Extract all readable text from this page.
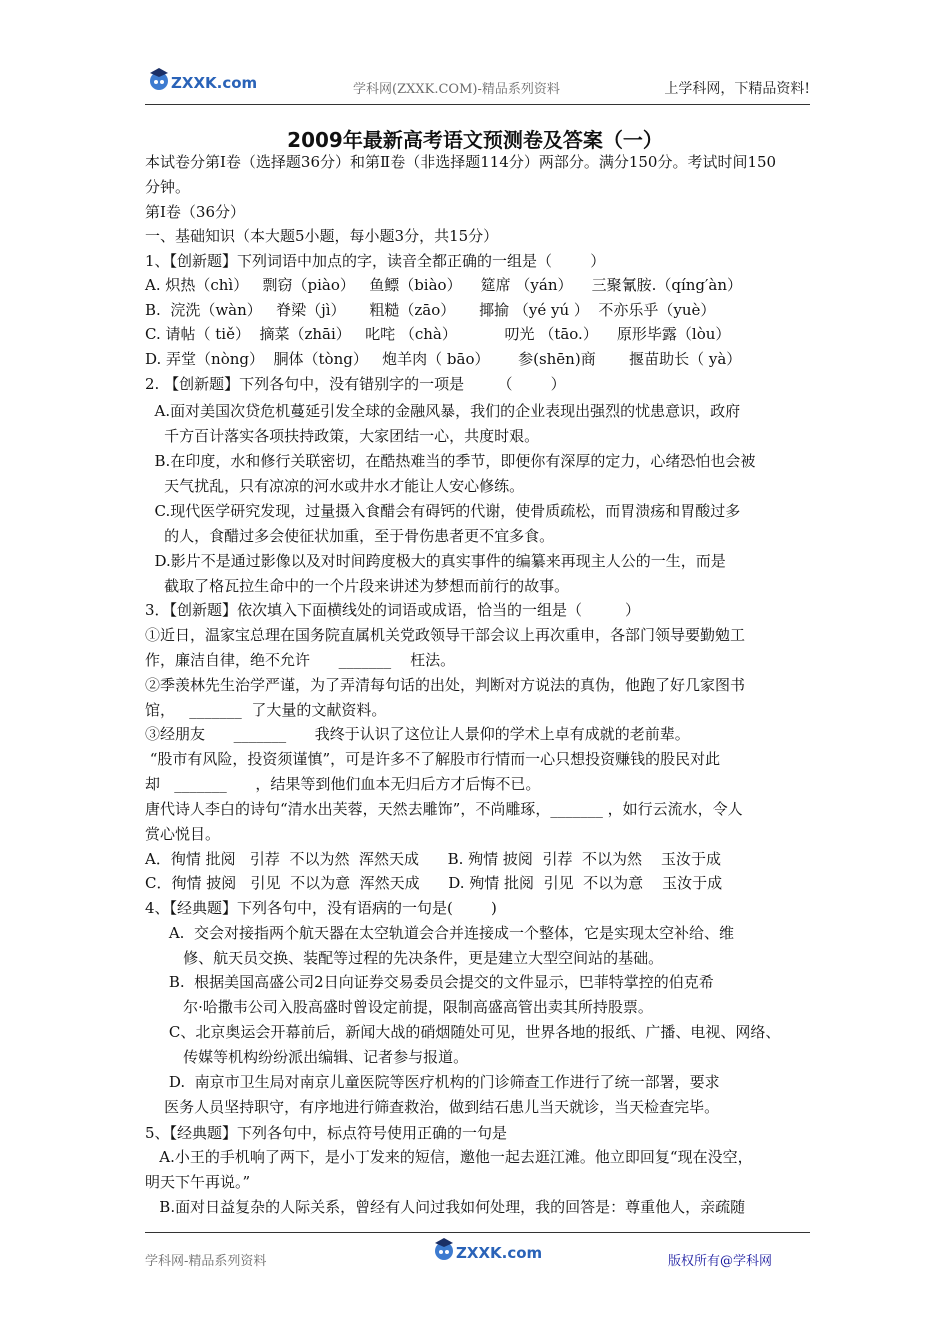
ZXXK.com	学科网(ZXXK.COM)-精品系列资料	上学科网，下精品资料!
2009年最新高考语文预测卷及答案（一）
本试卷分第Ⅰ卷（选择题36分）和第Ⅱ卷（非选择题114分）两部分。满分150分。考试时间150
分钟。
第Ⅰ卷（36分）
一、基础知识（本大题5小题，每小题3分，共15分）
1、【创新题】下列词语中加点的字，读音全都正确的一组是（        ）
A. 炽热（chì）   剽窃（piào）   鱼鳔（biào）    筵席 （yán）    三聚氰胺.（qíng′àn）
B.  浣洗（wàn）   脊梁（jì）     粗糙（zāo）     揶揄 （yé yú ）  不亦乐乎（yuè）
C. 请帖（ tiě）  摘菜（zhāi）   叱咤 （chà）          叨光 （tāo.）    原形毕露（lòu）
D. 弄堂（nòng）  胴体（tòng）   炮羊肉（ bāo）      参(shēn)商       揠苗助长（ yà）
2. 【创新题】下列各句中，没有错别字的一项是       （        ）
A.面对美国次贷危机蔓延引发全球的金融风暴，我们的企业表现出强烈的忧患意识，政府
千方百计落实各项扶持政策，大家团结一心，共度时艰。
B.在印度，水和修行关联密切，在酷热难当的季节，即便你有深厚的定力，心绪恐怕也会被
天气扰乱，只有凉凉的河水或井水才能让人安心修练。
C.现代医学研究发现，过量摄入食醋会有碍钙的代谢，使骨质疏松，而胃溃疡和胃酸过多
的人，食醋过多会使征状加重，至于骨伤患者更不宜多食。
D.影片不是通过影像以及对时间跨度极大的真实事件的编纂来再现主人公的一生，而是
截取了格瓦拉生命中的一个片段来讲述为梦想而前行的故事。
3．【创新题】依次填入下面横线处的词语或成语，恰当的一组是（         ）
①近日，温家宝总理在国务院直属机关党政领导干部会议上再次重申，各部门领导要勤勉工
作，廉洁自律，绝不允许      _______    枉法。
②季羡林先生治学严谨，为了弄清每句话的出处，判断对方说法的真伪，他跑了好几家图书
馆，   _______  了大量的文献资料。
③经朋友      _______      我终于认识了这位让人景仰的学术上卓有成就的老前辈。
“股市有风险，投资须谨慎”，可是许多不了解股市行情而一心只想投资赚钱的股民对此
却   _______      ，结果等到他们血本无归后方才后悔不已。
唐代诗人李白的诗句“清水出芙蓉，天然去雕饰”，不尚雕琢，_______ ，如行云流水，令人
赏心悦目。
A．徇情 批阅   引荐  不以为然  浑然天成      B. 殉情 披阅  引荐  不以为然    玉汝于成
C．徇情 披阅   引见  不以为意  浑然天成      D. 殉情 批阅  引见  不以为意    玉汝于成
4、【经典题】下列各句中，没有语病的一句是(        )
A.  交会对接指两个航天器在太空轨道会合并连接成一个整体，它是实现太空补给、维
修、航天员交换、装配等过程的先决条件，更是建立大型空间站的基础。
B.  根据美国高盛公司2日向证券交易委员会提交的文件显示，巴菲特掌控的伯克希
尔·哈撒韦公司入股高盛时曾设定前提，限制高盛高管出卖其所持股票。
C、北京奥运会开幕前后，新闻大战的硝烟随处可见，世界各地的报纸、广播、电视、网络、
传媒等机构纷纷派出编辑、记者参与报道。
D.  南京市卫生局对南京儿童医院等医疗机构的门诊筛查工作进行了统一部署，要求
医务人员坚持职守，有序地进行筛查救治，做到结石患儿当天就诊，当天检查完毕。
5、【经典题】下列各句中，标点符号使用正确的一句是
A.小王的手机响了两下，是小丁发来的短信，邀他一起去逛江滩。他立即回复“现在没空，
明天下午再说。”
B.面对日益复杂的人际关系，曾经有人问过我如何处理，我的回答是：尊重他人，亲疏随
学科网-精品系列资料	ZXXK.com	版权所有@学科网
